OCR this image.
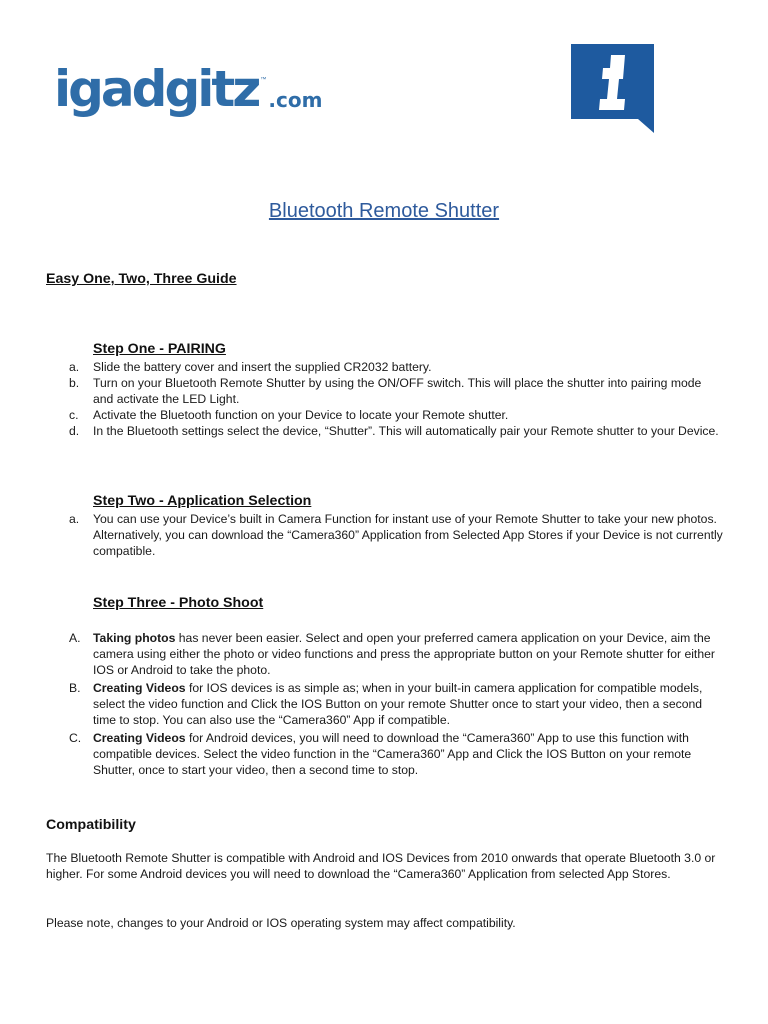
igadgitz ™
.com
Bluetooth Remote Shutter
Easy One, Two, Three Guide
Step One - PAIRING
a. Slide the battery cover and insert the supplied CR2032 battery.
b. Turn on your Bluetooth Remote Shutter by using the ON/OFF switch. This will place the shutter into pairing mode and activate the LED Light.
c. Activate the Bluetooth function on your Device to locate your Remote shutter.
d. In the Bluetooth settings select the device, “Shutter”. This will automatically pair your Remote shutter to your Device.
Step Two - Application Selection
a. You can use your Device’s built in Camera Function for instant use of your Remote Shutter to take your new photos. Alternatively, you can download the “Camera360” Application from Selected App Stores if your Device is not currently compatible.
Step Three - Photo Shoot
A. Taking photos has never been easier. Select and open your preferred camera application on your Device, aim the camera using either the photo or video functions and press the appropriate button on your Remote shutter for either IOS or Android to take the photo.
B. Creating Videos for IOS devices is as simple as; when in your built-in camera application for compatible models, select the video function and Click the IOS Button on your remote Shutter once to start your video, then a second time to stop. You can also use the “Camera360” App if compatible.
C. Creating Videos for Android devices, you will need to download the “Camera360” App to use this function with compatible devices. Select the video function in the “Camera360” App and Click the IOS Button on your remote Shutter, once to start your video, then a second time to stop.
Compatibility

The Bluetooth Remote Shutter is compatible with Android and IOS Devices from 2010 onwards that operate Bluetooth 3.0 or higher. For some Android devices you will need to download the “Camera360” Application from selected App Stores.

Please note, changes to your Android or IOS operating system may affect compatibility.
